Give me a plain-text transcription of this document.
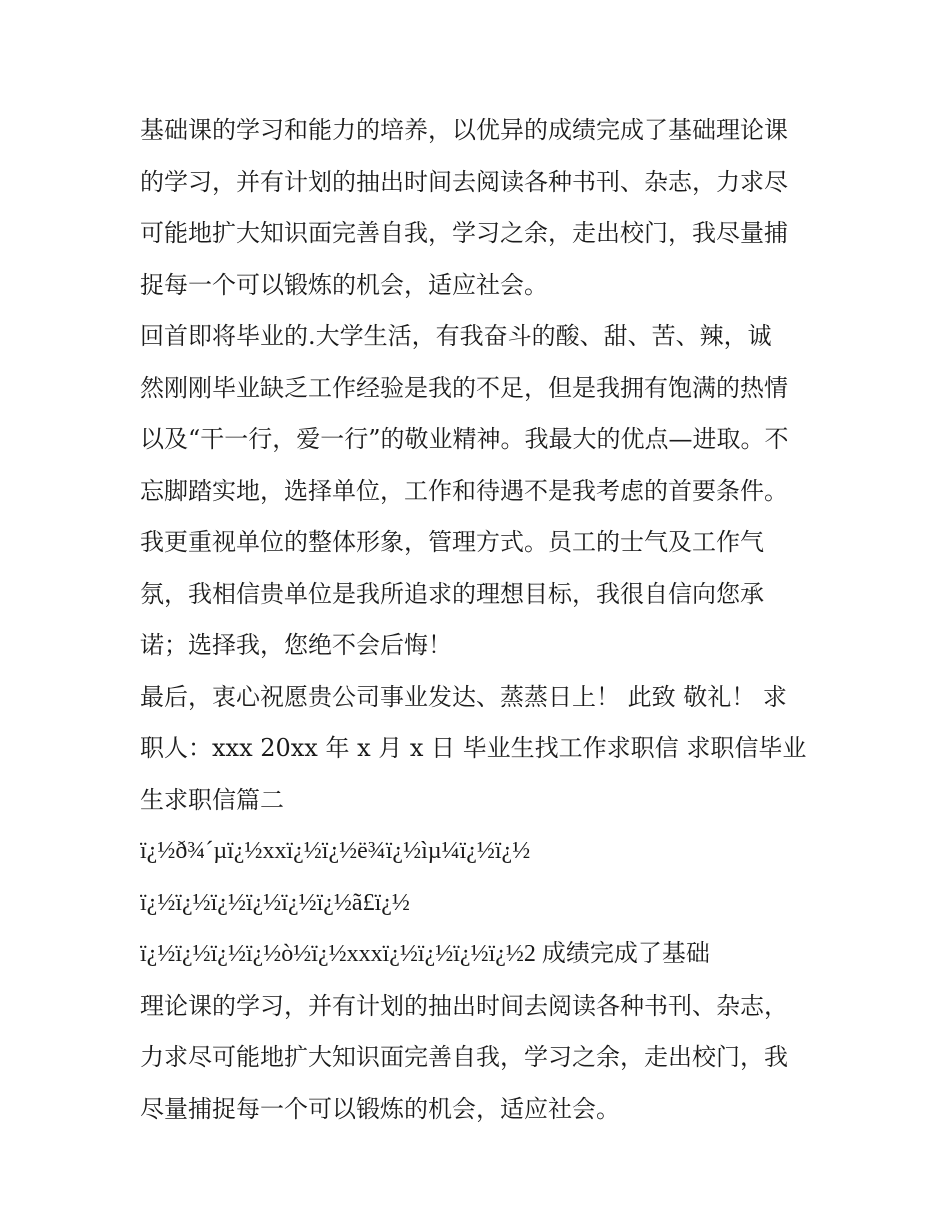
基础课的学习和能力的培养，以优异的成绩完成了基础理论课
的学习，并有计划的抽出时间去阅读各种书刊、杂志，力求尽
可能地扩大知识面完善自我，学习之余，走出校门，我尽量捕
捉每一个可以锻炼的机会，适应社会。
回首即将毕业的.大学生活，有我奋斗的酸、甜、苦、辣，诚
然刚刚毕业缺乏工作经验是我的不足，但是我拥有饱满的热情
以及“干一行，爱一行”的敬业精神。我最大的优点—进取。不
忘脚踏实地，选择单位，工作和待遇不是我考虑的首要条件。
我更重视单位的整体形象，管理方式。员工的士气及工作气
氛，我相信贵单位是我所追求的理想目标，我很自信向您承
诺；选择我，您绝不会后悔！
最后，衷心祝愿贵公司事业发达、蒸蒸日上！ 此致 敬礼！ 求
职人：xxx 20xx 年 x 月 x 日 毕业生找工作求职信 求职信毕业
生求职信篇二
ï¿½ð¾´µï¿½xxï¿½ï¿½ë¾ï¿½ìµ¼ï¿½ï¿½
ï¿½ï¿½ï¿½ï¿½ï¿½ï¿½ã£ï¿½
ï¿½ï¿½ï¿½ï¿½ò½ï¿½xxxï¿½ï¿½ï¿½ï¿½2 成绩完成了基础
理论课的学习，并有计划的抽出时间去阅读各种书刊、杂志，
力求尽可能地扩大知识面完善自我，学习之余，走出校门，我
尽量捕捉每一个可以锻炼的机会，适应社会。
